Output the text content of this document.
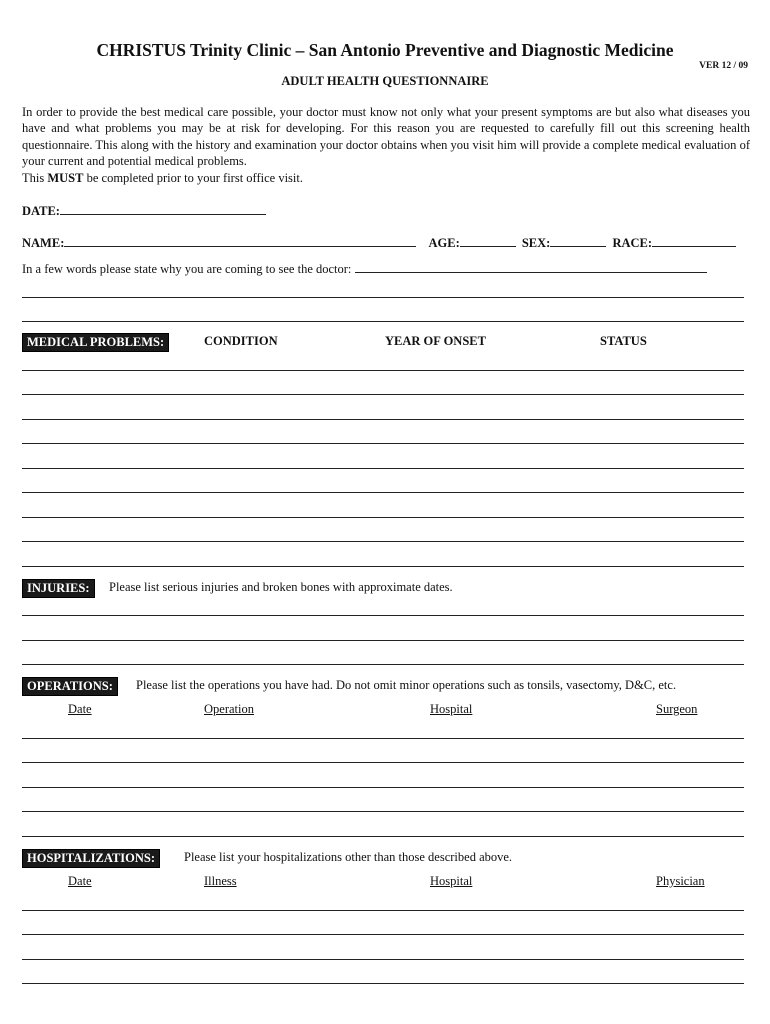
CHRISTUS Trinity Clinic – San Antonio Preventive and Diagnostic Medicine
VER 12 / 09
ADULT HEALTH QUESTIONNAIRE

In order to provide the best medical care possible, your doctor must know not only what your present symptoms are but also what diseases you have and what problems you may be at risk for developing. For this reason you are requested to carefully fill out this screening health questionnaire. This along with the history and examination your doctor obtains when you visit him will provide a complete medical evaluation of your current and potential medical problems.

This MUST be completed prior to your first office visit.
DATE:
NAME:	AGE:	SEX:	RACE:
In a few words please state why you are coming to see the doctor:
MEDICAL PROBLEMS:	CONDITION	YEAR OF ONSET	STATUS
INJURIES:	Please list serious injuries and broken bones with approximate dates.
OPERATIONS:	Please list the operations you have had. Do not omit minor operations such as tonsils, vasectomy, D&C, etc.
Date	Operation	Hospital	Surgeon
HOSPITALIZATIONS:	Please list your hospitalizations other than those described above.
Date	Illness	Hospital	Physician
